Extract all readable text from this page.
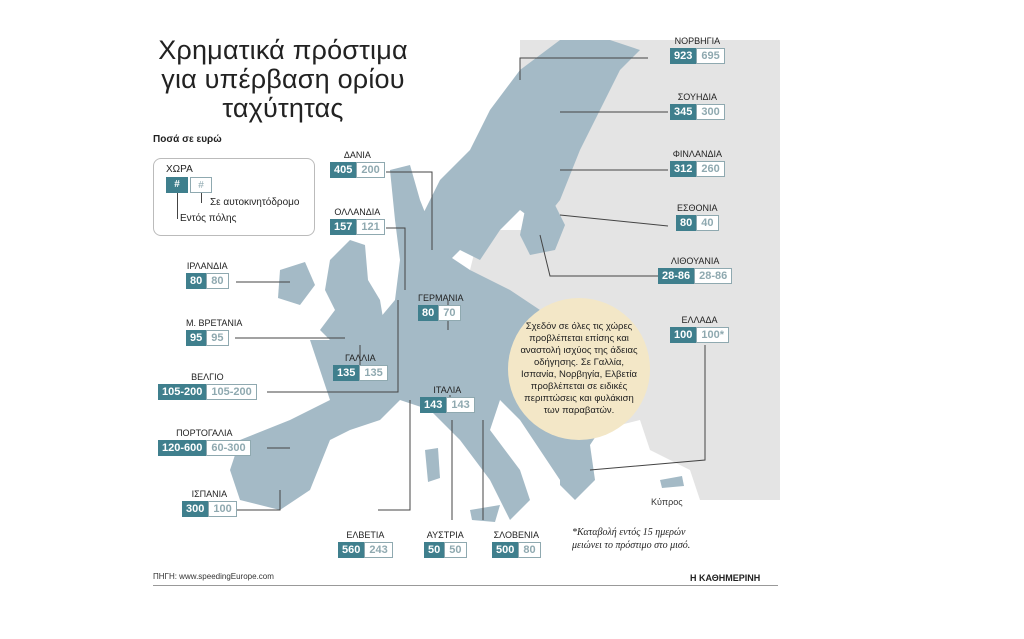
Χρηματικά πρόστιμα
για υπέρβαση ορίου
ταχύτητας
Ποσά σε ευρώ
ΧΩΡΑ
#	#
Σε αυτοκινητόδρομο
Εντός πόλης
ΝΟΡΒΗΓΙΑ
923 695
ΣΟΥΗΔΙΑ
345 300
ΦΙΝΛΑΝΔΙΑ
312 260
ΕΣΘΟΝΙΑ
80 40
ΛΙΘΟΥΑΝΙΑ
28-86 28-86
ΕΛΛΑΔΑ
100 100*
ΔΑΝΙΑ
405 200
ΟΛΛΑΝΔΙΑ
157 121
ΙΡΛΑΝΔΙΑ
80 80
Μ. ΒΡΕΤΑΝΙΑ
95 95
ΓΕΡΜΑΝΙΑ
80 70
ΓΑΛΛΙΑ
135 135
ΒΕΛΓΙΟ
105-200 105-200	ΙΤΑΛΙΑ
143 143
ΠΟΡΤΟΓΑΛΙΑ
120-600 60-300
ΙΣΠΑΝΙΑ
300 100
ΕΛΒΕΤΙΑ
560 243
ΑΥΣΤΡΙΑ
50 50
ΣΛΟΒΕΝΙΑ
500 80
Σχεδόν σε όλες τις χώρες προβλέπεται επίσης και αναστολή ισχύος της άδειας οδήγησης. Σε Γαλλία, Ισπανία, Νορβηγία, Ελβετία προβλέπεται σε ειδικές περιπτώσεις και φυλάκιση των παραβατών.
Κύπρος
*Καταβολή εντός 15 ημερών μειώνει το πρόστιμο στο μισό.
ΠΗΓΗ: www.speedingEurope.com	Η ΚΑΘΗΜΕΡΙΝΗ
